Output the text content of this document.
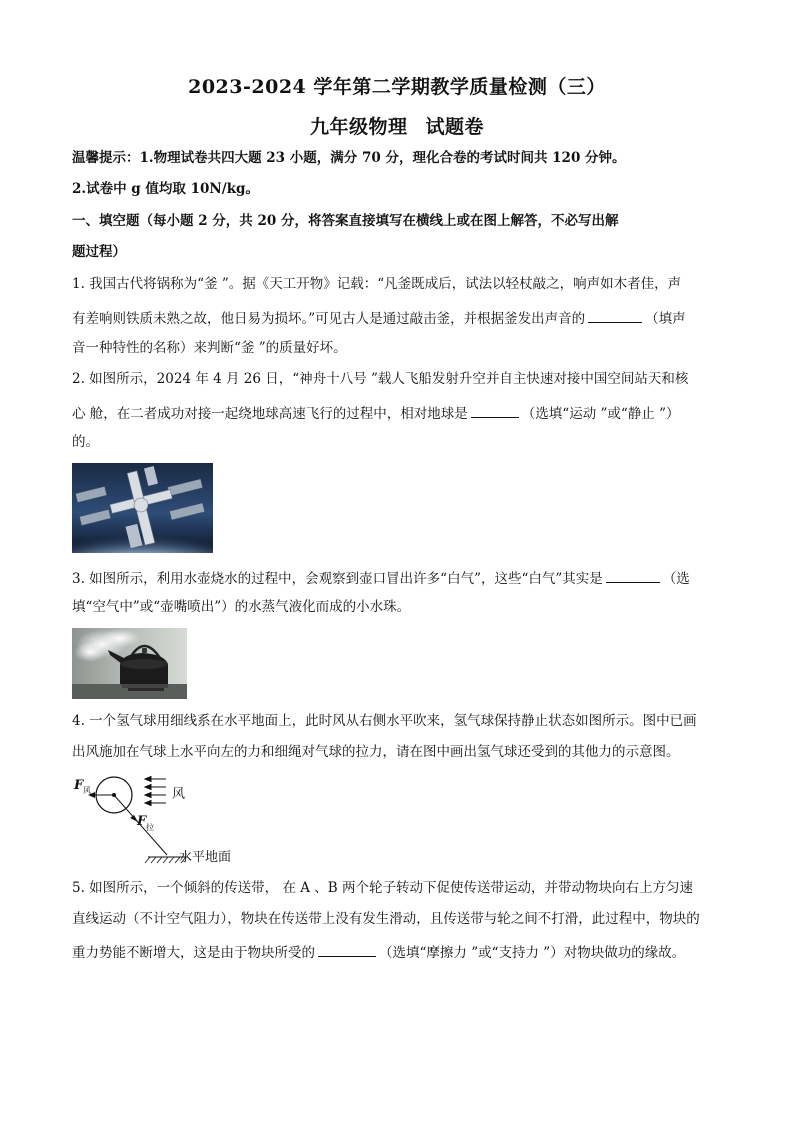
2023-2024 学年第二学期教学质量检测（三）
九年级物理 试题卷
温馨提示：1.物理试卷共四大题 23 小题，满分 70 分，理化合卷的考试时间共 120 分钟。
2.试卷中 g 值均取 10N/kg。
一、填空题（每小题 2 分，共 20 分，将答案直接填写在横线上或在图上解答，不必写出解
题过程）
1. 我国古代将锅称为“釜 ”。据《天工开物》记载：“凡釜既成后，试法以轻杖敲之，响声如木者佳，声
有差响则铁质未熟之故，他日易为损坏。”可见古人是通过敲击釜，并根据釜发出声音的	（填声
音一种特性的名称）来判断“釜 ”的质量好坏。
2. 如图所示，2024 年 4 月 26 日，“神舟十八号 ”载人飞船发射升空并自主快速对接中国空间站天和核
心 舱，在二者成功对接一起绕地球高速飞行的过程中，相对地球是	（选填“运动 ”或“静止 ”）
的。
3. 如图所示，利用水壶烧水的过程中，会观察到壶口冒出许多“白气”，这些“白气”其实是	（选
填“空气中”或“壶嘴喷出”）的水蒸气液化而成的小水珠。
4. 一个氢气球用细线系在水平地面上，此时风从右侧水平吹来，氢气球保持静止状态如图所示。图中已画
出风施加在气球上水平向左的力和细绳对气球的拉力，请在图中画出氢气球还受到的其他力的示意图。
F 风	风
F 拉
水平地面
5. 如图所示，一个倾斜的传送带， 在 A 、B 两个轮子转动下促使传送带运动，并带动物块向右上方匀速
直线运动（不计空气阻力），物块在传送带上没有发生滑动，且传送带与轮之间不打滑，此过程中，物块的
重力势能不断增大，这是由于物块所受的	（选填“摩擦力 ”或“支持力 ”）对物块做功的缘故。
